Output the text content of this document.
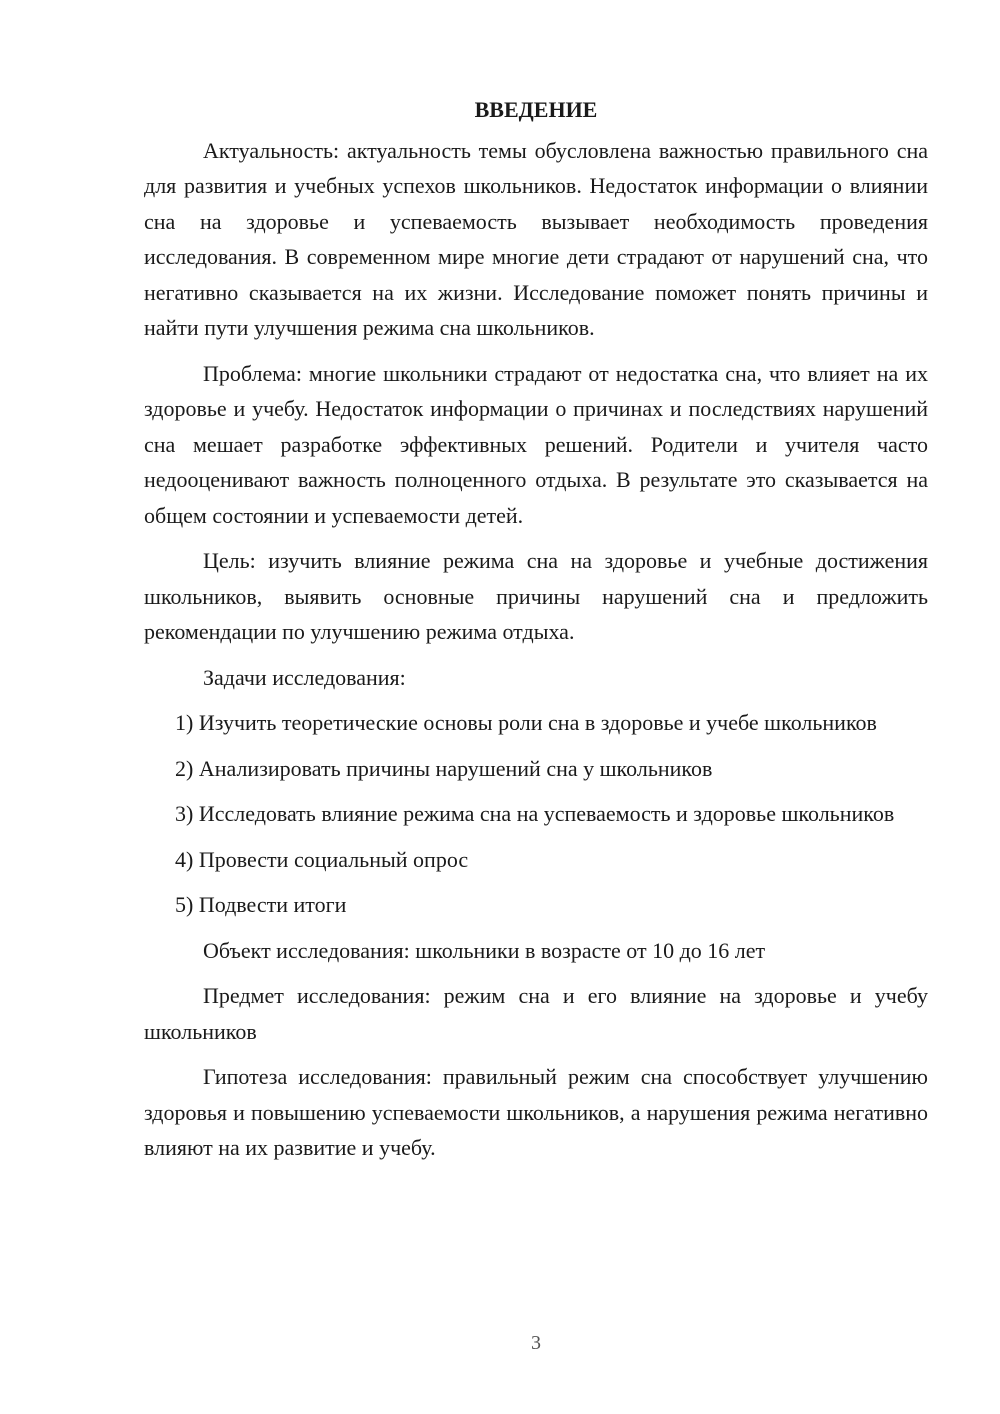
ВВЕДЕНИЕ

Актуальность: актуальность темы обусловлена важностью правильного сна для развития и учебных успехов школьников. Недостаток информации о влиянии сна на здоровье и успеваемость вызывает необходимость проведения исследования. В современном мире многие дети страдают от нарушений сна, что негативно сказывается на их жизни. Исследование поможет понять причины и найти пути улучшения режима сна школьников.

Проблема: многие школьники страдают от недостатка сна, что влияет на их здоровье и учебу. Недостаток информации о причинах и последствиях нарушений сна мешает разработке эффективных решений. Родители и учителя часто недооценивают важность полноценного отдыха. В результате это сказывается на общем состоянии и успеваемости детей.

Цель: изучить влияние режима сна на здоровье и учебные достижения школьников, выявить основные причины нарушений сна и предложить рекомендации по улучшению режима отдыха.

Задачи исследования:

1) Изучить теоретические основы роли сна в здоровье и учебе школьников

2) Анализировать причины нарушений сна у школьников

3) Исследовать влияние режима сна на успеваемость и здоровье школьников

4) Провести социальный опрос

5) Подвести итоги

Объект исследования: школьники в возрасте от 10 до 16 лет

Предмет исследования: режим сна и его влияние на здоровье и учебу школьников

Гипотеза исследования: правильный режим сна способствует улучшению здоровья и повышению успеваемости школьников, а нарушения режима негативно влияют на их развитие и учебу.

3
